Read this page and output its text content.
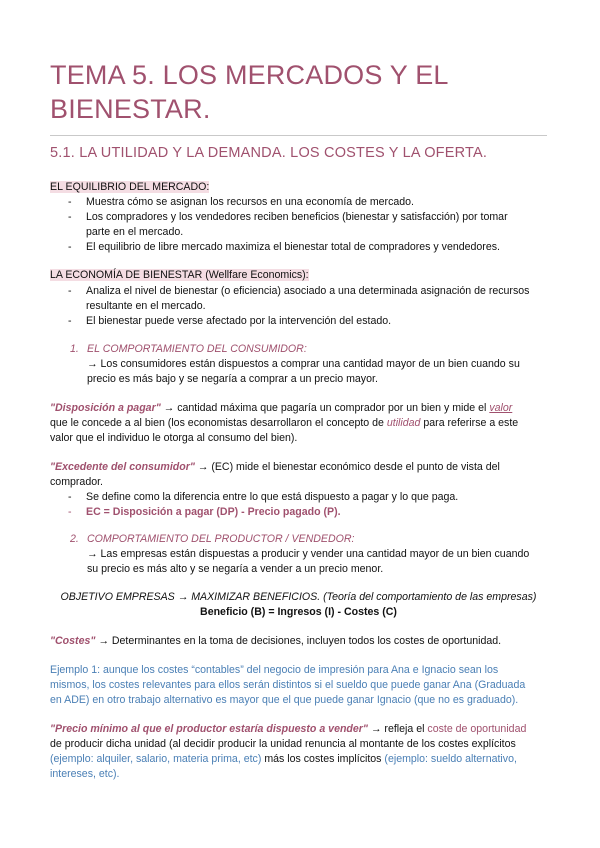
TEMA 5. LOS MERCADOS Y EL BIENESTAR.
5.1. LA UTILIDAD Y LA DEMANDA. LOS COSTES Y LA OFERTA.
EL EQUILIBRIO DEL MERCADO:
- Muestra cómo se asignan los recursos en una economía de mercado.
- Los compradores y los vendedores reciben beneficios (bienestar y satisfacción) por tomar
parte en el mercado.
- El equilibrio de libre mercado maximiza el bienestar total de compradores y vendedores.
LA ECONOMÍA DE BIENESTAR (Wellfare Economics):
- Analiza el nivel de bienestar (o eficiencia) asociado a una determinada asignación de recursos
resultante en el mercado.
- El bienestar puede verse afectado por la intervención del estado.
1. EL COMPORTAMIENTO DEL CONSUMIDOR:
→ Los consumidores están dispuestos a comprar una cantidad mayor de un bien cuando su
precio es más bajo y se negaría a comprar a un precio mayor.
"Disposición a pagar" → cantidad máxima que pagaría un comprador por un bien y mide el valor
que le concede a al bien (los economistas desarrollaron el concepto de utilidad para referirse a este
valor que el individuo le otorga al consumo del bien).
"Excedente del consumidor" → (EC) mide el bienestar económico desde el punto de vista del
comprador.
- Se define como la diferencia entre lo que está dispuesto a pagar y lo que paga.
- EC = Disposición a pagar (DP) - Precio pagado (P).
2. COMPORTAMIENTO DEL PRODUCTOR / VENDEDOR:
→ Las empresas están dispuestas a producir y vender una cantidad mayor de un bien cuando
su precio es más alto y se negaría a vender a un precio menor.
OBJETIVO EMPRESAS → MAXIMIZAR BENEFICIOS. (Teoría del comportamiento de las empresas)
Beneficio (B) = Ingresos (I) - Costes (C)
"Costes" → Determinantes en la toma de decisiones, incluyen todos los costes de oportunidad.
Ejemplo 1: aunque los costes “contables” del negocio de impresión para Ana e Ignacio sean los
mismos, los costes relevantes para ellos serán distintos si el sueldo que puede ganar Ana (Graduada
en ADE) en otro trabajo alternativo es mayor que el que puede ganar Ignacio (que no es graduado).
"Precio mínimo al que el productor estaría dispuesto a vender" → refleja el coste de oportunidad
de producir dicha unidad (al decidir producir la unidad renuncia al montante de los costes explícitos
(ejemplo: alquiler, salario, materia prima, etc) más los costes implícitos (ejemplo: sueldo alternativo,
intereses, etc).
